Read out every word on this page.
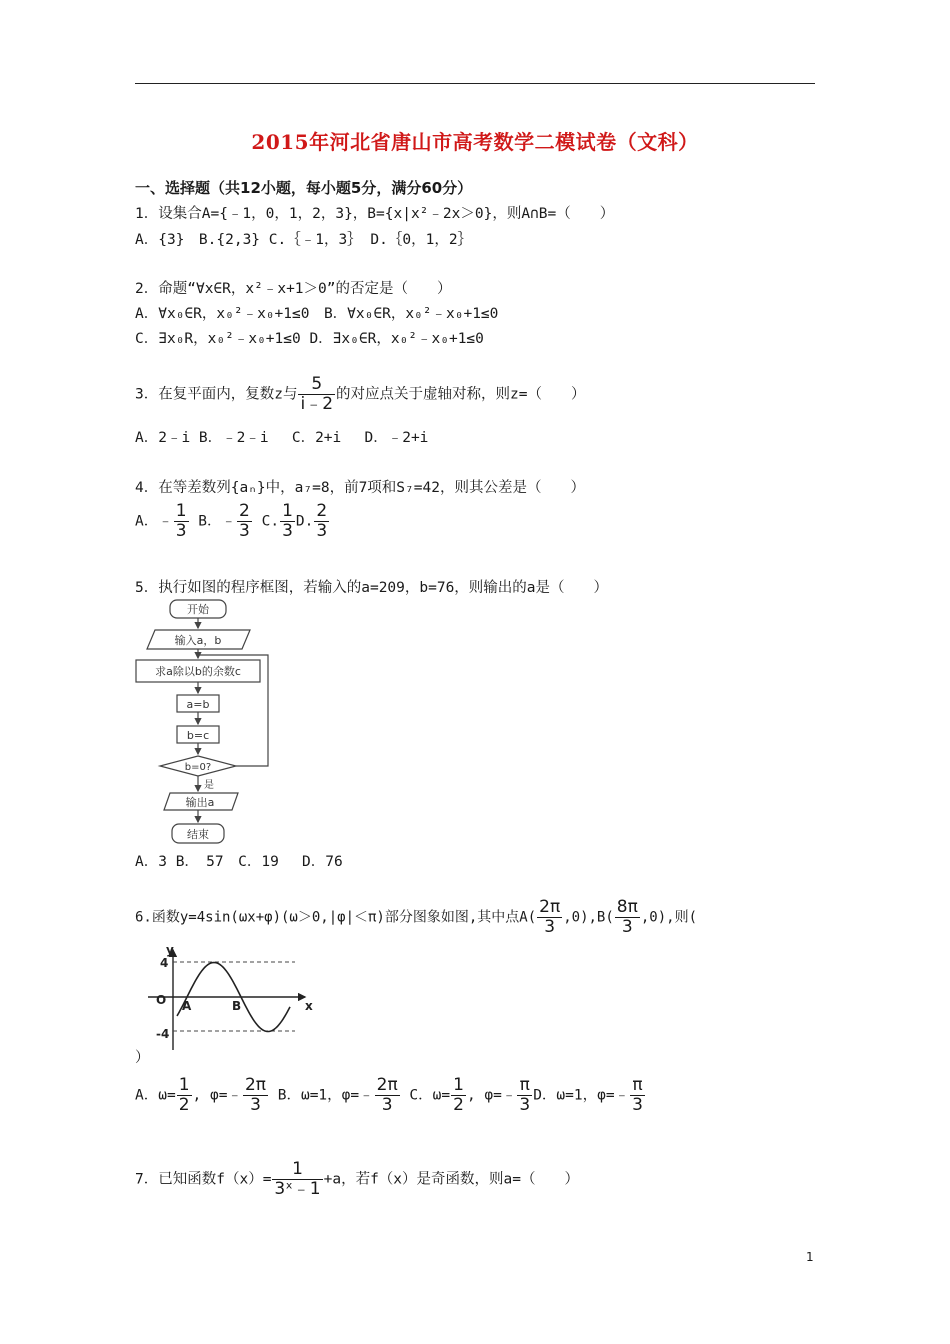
2015年河北省唐山市高考数学二模试卷（文科）
一、选择题（共12小题，每小题5分，满分60分）
1．设集合A={﹣1，0，1，2，3}，B={x|x²﹣2x＞0}，则A∩B=（　　）
A．{3}　B.{2,3} C.｛﹣1，3｝ D.｛0，1，2｝
2．命题“∀x∈R，x²﹣x+1＞0”的否定是（　　）
A．∀x₀∈R，x₀²﹣x₀+1≤0　B．∀x₀∈R，x₀²﹣x₀+1≤0
C．∃x₀R，x₀²﹣x₀+1≤0 D．∃x₀∈R，x₀²﹣x₀+1≤0
3．在复平面内，复数z与 $\frac{5}{i﹣2}$ 的对应点关于虚轴对称，则z=（　　）
A．2﹣i B．﹣2﹣i　 C．2+i　 D．﹣2+i
4．在等差数列{aₙ}中，a₇=8，前7项和S₇=42，则其公差是（　　）
A．﹣ $\frac{1}{3}$ B．﹣ $\frac{2}{3} C$. $\frac{1}{3} D$. $\frac{2}{3}$
5．执行如图的程序框图，若输入的a=209，b=76，则输出的a是（　　）
开始
输入a，b
求a除以b的余数c
a=b
b=c
b=0?
是
输出a
结束
A．3 B．　57　C．19　 D．76
6.函数y=4sin(ωx+φ)(ω＞0,|φ|＜π)部分图象如图,其中点$A( \frac{2\pi}{3} ,0),B( \frac{8\pi}{3} ,0)$,则(
y
x
O
4
-4
A	B
）
A．$\omega= \frac{1}{2}$ , φ=﹣ $\frac{2\pi}{3}$ B．ω=1，φ=﹣ $\frac{2\pi}{3}$ C．$\omega= \frac{1}{2}$ , φ=﹣ $\frac{\pi}{3}$ D．ω=1，φ=﹣ $\frac{\pi}{3}$
7．已知函数$f(x)= \frac{1}{\text{3ˣ﹣1}} +a$，若f（x）是奇函数，则a=（　　）
1
